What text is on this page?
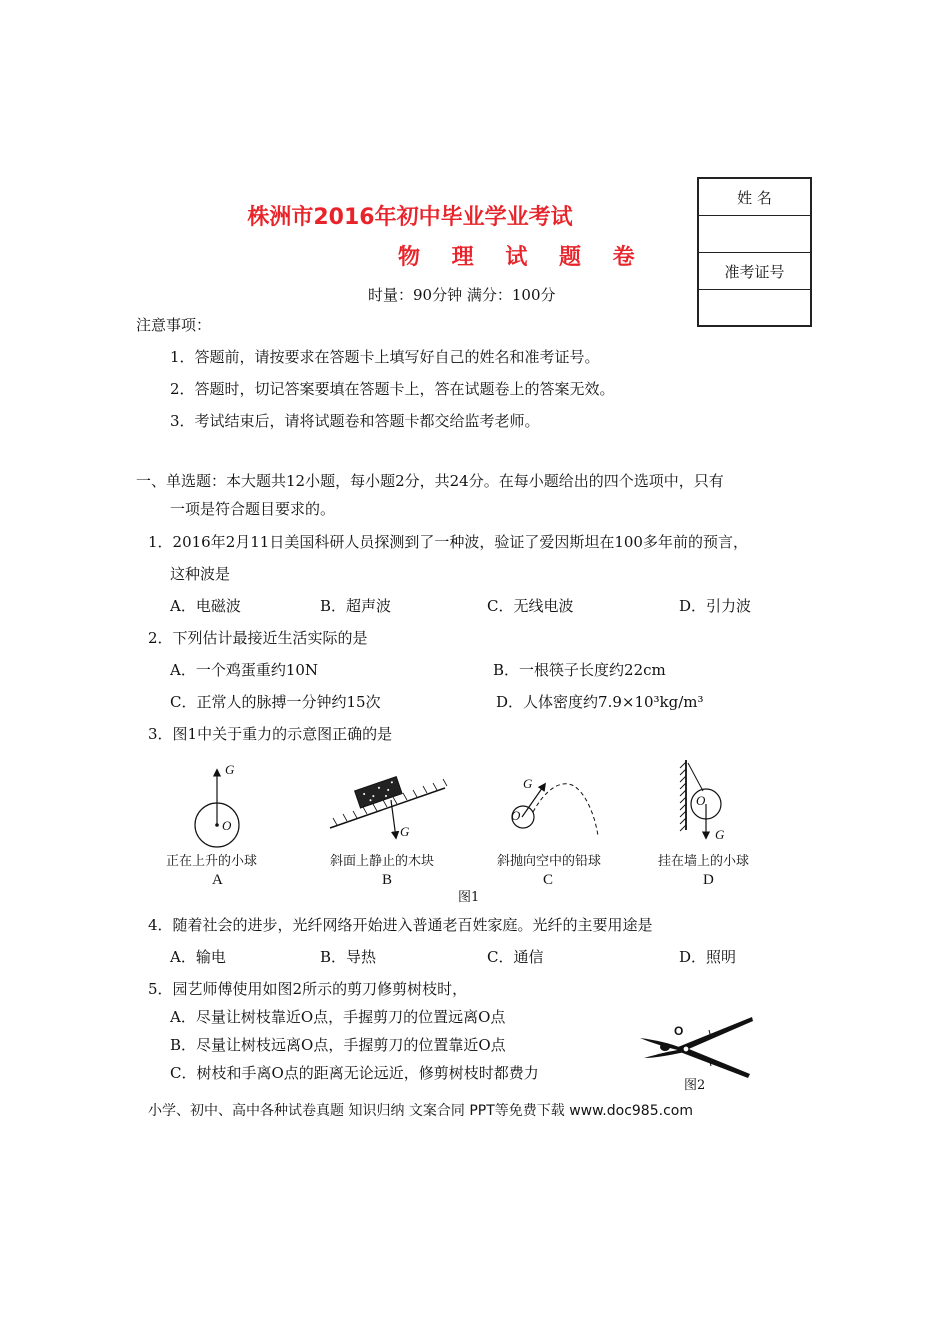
株洲市2016年初中毕业学业考试
物 理 试 题 卷
时量：90分钟 满分：100分
姓 名
准考证号
注意事项：
1．答题前，请按要求在答题卡上填写好自己的姓名和准考证号。
2．答题时，切记答案要填在答题卡上，答在试题卷上的答案无效。
3．考试结束后，请将试题卷和答题卡都交给监考老师。
一、单选题：本大题共12小题，每小题2分，共24分。在每小题给出的四个选项中，只有
一项是符合题目要求的。
1．2016年2月11日美国科研人员探测到了一种波，验证了爱因斯坦在100多年前的预言，
这种波是
A．电磁波	B．超声波	C．无线电波	D．引力波
2．下列估计最接近生活实际的是
A．一个鸡蛋重约10N	B．一根筷子长度约22cm
C．正常人的脉搏一分钟约15次	D．人体密度约7.9×10³kg/m³
3．图1中关于重力的示意图正确的是
G
O	G
G
O
O
G
正在上升的小球
A
斜面上静止的木块
B
斜抛向空中的铅球
C
挂在墙上的小球
D
图1
4．随着社会的进步，光纤网络开始进入普通老百姓家庭。光纤的主要用途是
A．输电	B．导热	C．通信	D．照明
5．园艺师傅使用如图2所示的剪刀修剪树枝时，
A．尽量让树枝靠近O点，手握剪刀的位置远离O点
B．尽量让树枝远离O点，手握剪刀的位置靠近O点
C．树枝和手离O点的距离无论远近，修剪树枝时都费力
O
图2
小学、初中、高中各种试卷真题 知识归纳 文案合同 PPT等免费下载 www.doc985.com
